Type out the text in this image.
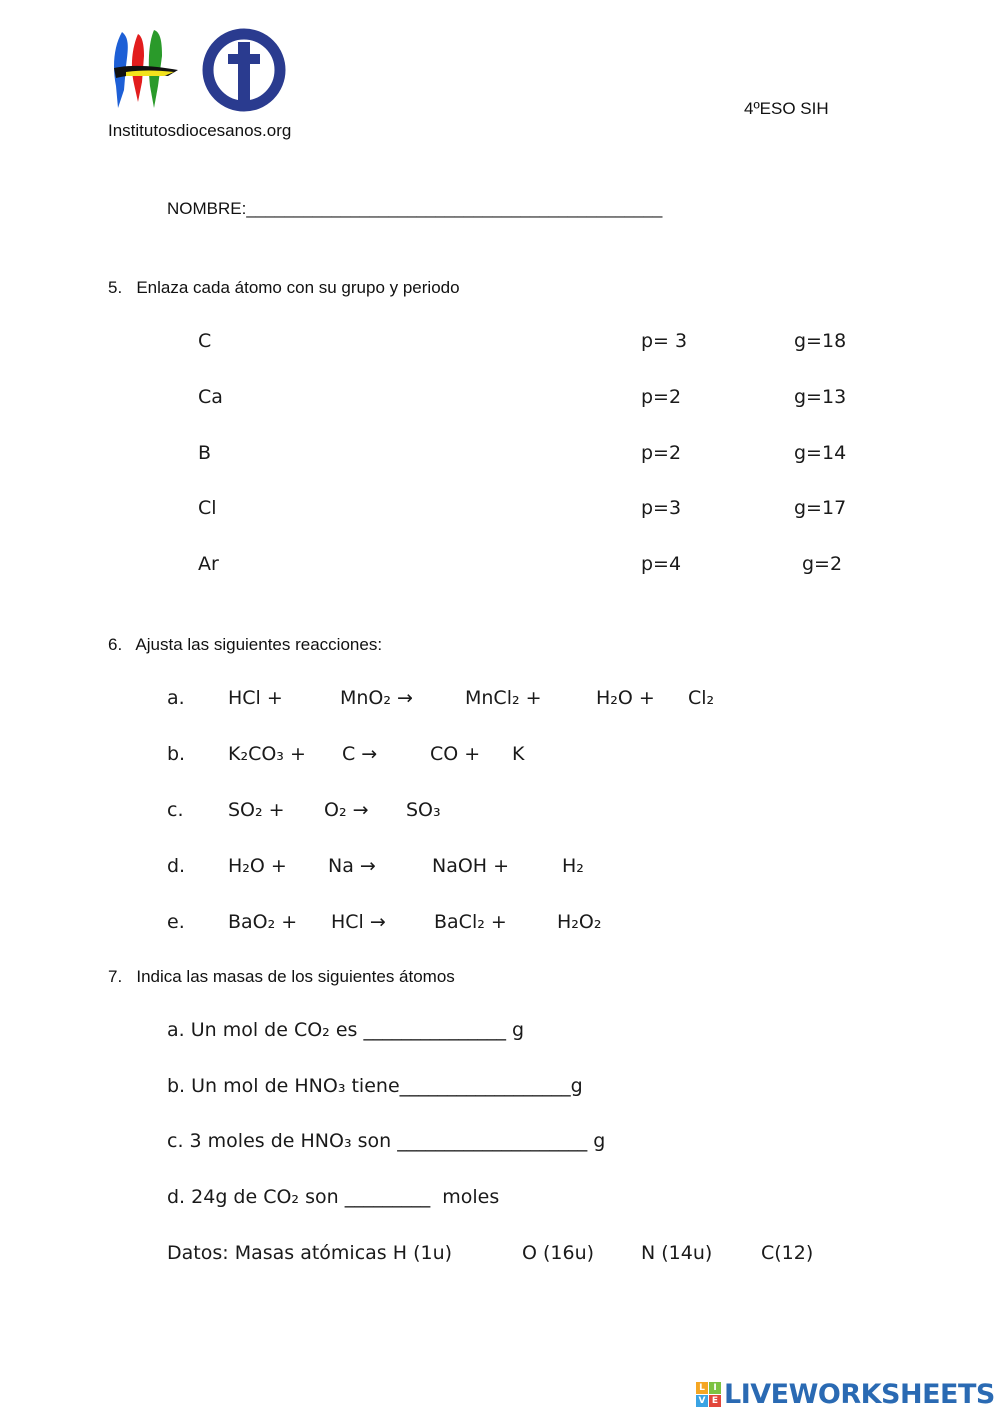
Institutosdiocesanos.org
4ºESO SIH
NOMBRE:____________________________________________
5.   Enlaza cada átomo con su grupo y periodo
C	p= 3	g=18
Ca	p=2	g=13
B	p=2	g=14
Cl	p=3	g=17
Ar	p=4	g=2
6.   Ajusta las siguientes reacciones:
a. HCl +	MnO₂ →	MnCl₂ +	H₂O + Cl₂
b. K₂CO₃ + C →	CO + K
c. SO₂ + O₂ → SO₃
d. H₂O + Na →	NaOH +	H₂
e. BaO₂ + HCl →	BaCl₂ +	H₂O₂
7.   Indica las masas de los siguientes átomos
a. Un mol de CO₂ es _______________ g
b. Un mol de HNO₃ tiene__________________g
c. 3 moles de HNO₃ son ____________________ g
d. 24g de CO₂ son _________  moles
Datos: Masas atómicas H (1u)	O (16u) N (14u)	C(12)
L I
V E LIVEWORKSHEETS
